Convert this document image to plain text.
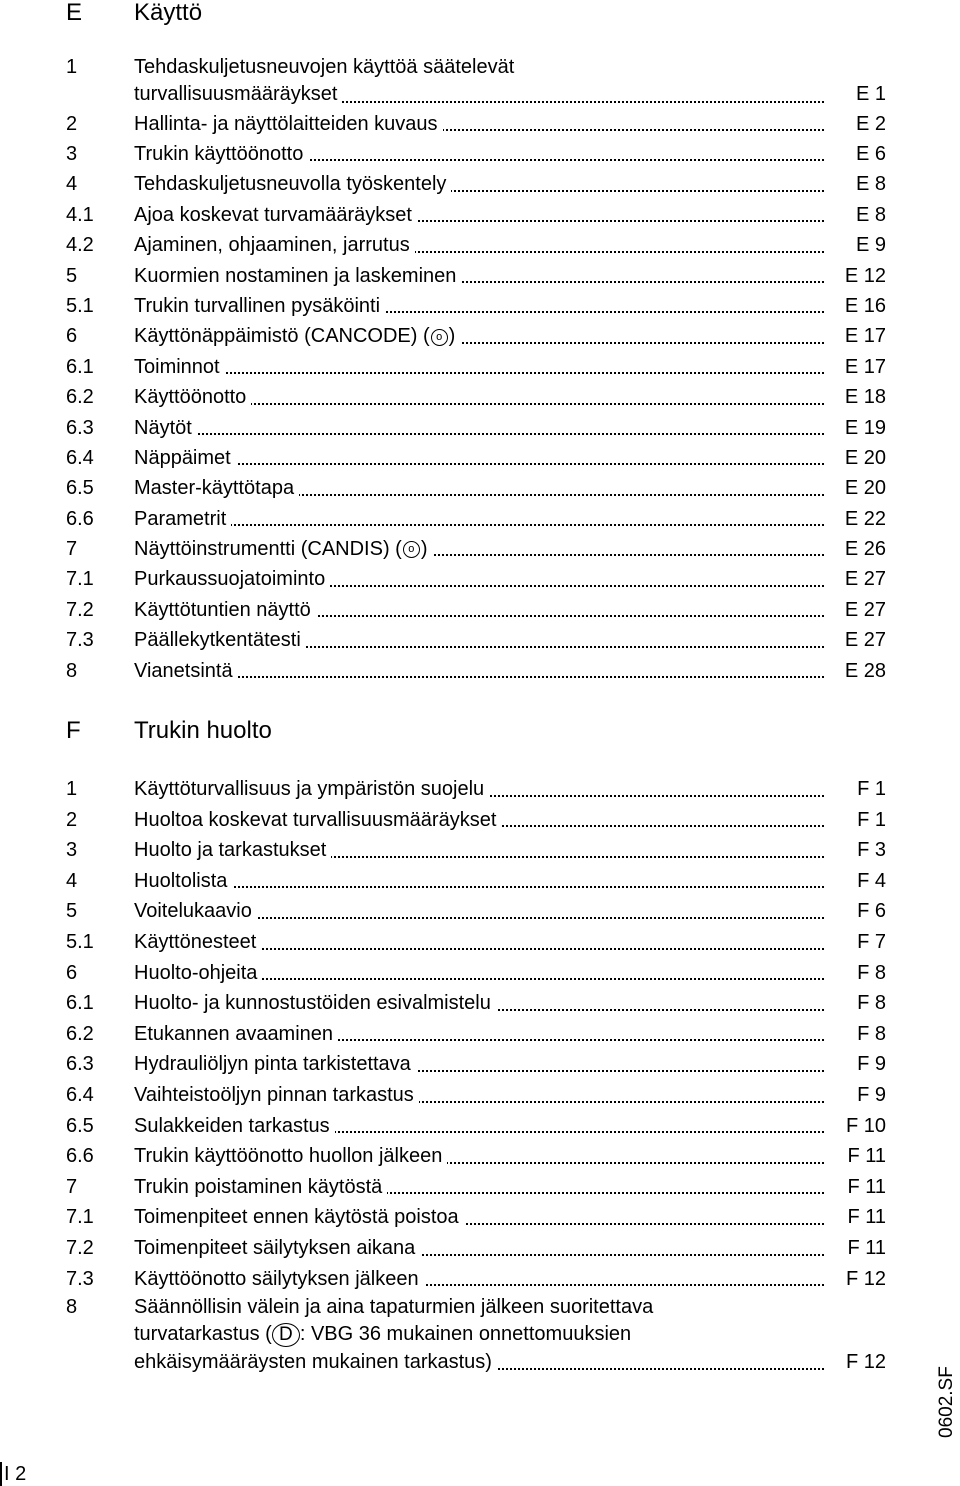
E Käyttö
1	Tehdaskuljetusneuvojen käyttöä säätelevät
turvallisuusmääräykset	E 1
2	Hallinta- ja näyttölaitteiden kuvaus	E 2
3	Trukin käyttöönotto	E 6
4	Tehdaskuljetusneuvolla työskentely	E 8
4.1 Ajoa koskevat turvamääräykset	E 8
4.2 Ajaminen, ohjaaminen, jarrutus	E 9
5	Kuormien nostaminen ja laskeminen	E 12
5.1 Trukin turvallinen pysäköinti	E 16
6	Käyttönäppäimistö (CANCODE) ( o )	E 17
6.1 Toiminnot	E 17
6.2 Käyttöönotto	E 18
6.3 Näytöt	E 19
6.4 Näppäimet	E 20
6.5 Master-käyttötapa	E 20
6.6 Parametrit	E 22
7	Näyttöinstrumentti (CANDIS) ( o )	E 26
7.1 Purkaussuojatoiminto	E 27
7.2 Käyttötuntien näyttö	E 27
7.3 Päällekytkentätesti	E 27
8	Vianetsintä	E 28
F Trukin huolto
1	Käyttöturvallisuus ja ympäristön suojelu	F 1
2	Huoltoa koskevat turvallisuusmääräykset	F 1
3	Huolto ja tarkastukset	F 3
4	Huoltolista	F 4
5	Voitelukaavio	F 6
5.1 Käyttönesteet	F 7
6	Huolto-ohjeita	F 8
6.1 Huolto- ja kunnostustöiden esivalmistelu	F 8
6.2 Etukannen avaaminen	F 8
6.3 Hydrauliöljyn pinta tarkistettava	F 9
6.4 Vaihteistoöljyn pinnan tarkastus	F 9
6.5 Sulakkeiden tarkastus	F 10
6.6 Trukin käyttöönotto huollon jälkeen	F 11
7	Trukin poistaminen käytöstä	F 11
7.1 Toimenpiteet ennen käytöstä poistoa	F 11
7.2 Toimenpiteet säilytyksen aikana	F 11
7.3 Käyttöönotto säilytyksen jälkeen	F 12
8	Säännöllisin välein ja aina tapaturmien jälkeen suoritettava
turvatarkastus ( D : VBG 36 mukainen onnettomuuksien
ehkäisymääräysten mukainen tarkastus)	F 12
0602.SF
I 2
